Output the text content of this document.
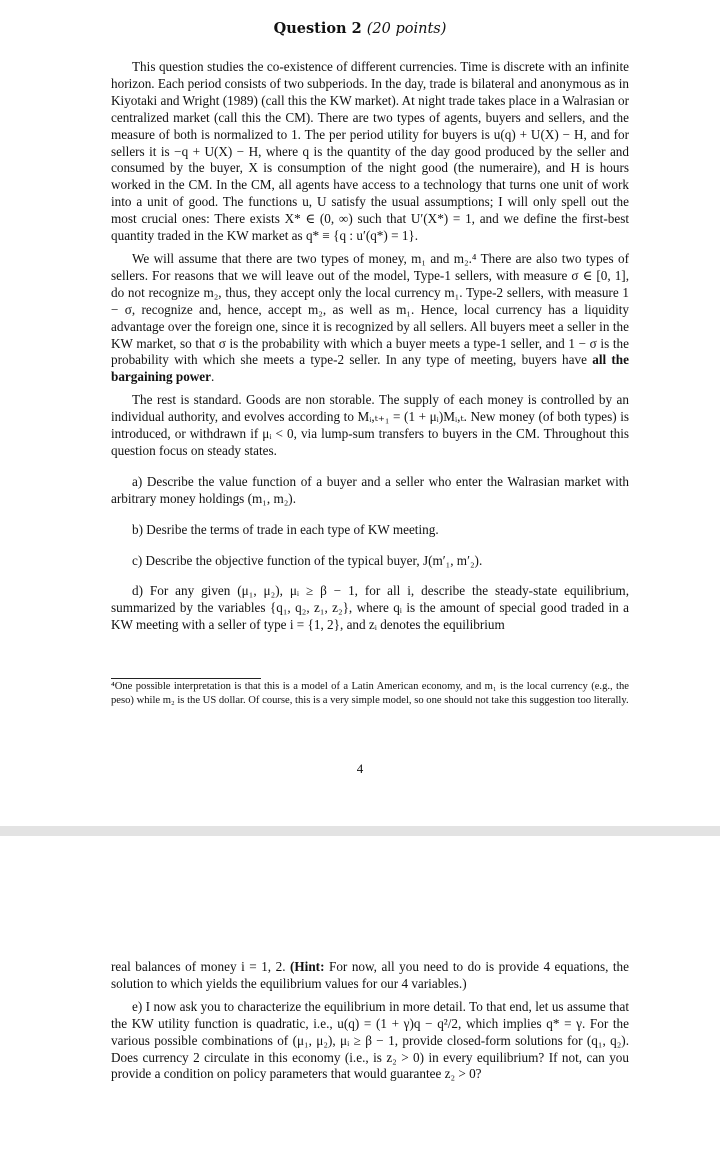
Question 2 (20 points)

This question studies the co-existence of different currencies. Time is discrete with an infinite horizon. Each period consists of two subperiods. In the day, trade is bilateral and anonymous as in Kiyotaki and Wright (1989) (call this the KW market). At night trade takes place in a Walrasian or centralized market (call this the CM). There are two types of agents, buyers and sellers, and the measure of both is normalized to 1. The per period utility for buyers is u(q) + U(X) − H, and for sellers it is −q + U(X) − H, where q is the quantity of the day good produced by the seller and consumed by the buyer, X is consumption of the night good (the numeraire), and H is hours worked in the CM. In the CM, all agents have access to a technology that turns one unit of work into a unit of good. The functions u, U satisfy the usual assumptions; I will only spell out the most crucial ones: There exists X* ∈ (0, ∞) such that U′(X*) = 1, and we define the first-best quantity traded in the KW market as q* ≡ {q : u′(q*) = 1}.

We will assume that there are two types of money, m₁ and m₂.⁴ There are also two types of sellers. For reasons that we will leave out of the model, Type-1 sellers, with measure σ ∈ [0, 1], do not recognize m₂, thus, they accept only the local currency m₁. Type-2 sellers, with measure 1 − σ, recognize and, hence, accept m₂, as well as m₁. Hence, local currency has a liquidity advantage over the foreign one, since it is recognized by all sellers. All buyers meet a seller in the KW market, so that σ is the probability with which a buyer meets a type-1 seller, and 1 − σ is the probability with which she meets a type-2 seller. In any type of meeting, buyers have all the bargaining power.

The rest is standard. Goods are non storable. The supply of each money is controlled by an individual authority, and evolves according to Mᵢ,ₜ₊₁ = (1 + μᵢ)Mᵢ,ₜ. New money (of both types) is introduced, or withdrawn if μᵢ < 0, via lump-sum transfers to buyers in the CM. Throughout this question focus on steady states.

a) Describe the value function of a buyer and a seller who enter the Walrasian market with arbitrary money holdings (m₁, m₂).

b) Desribe the terms of trade in each type of KW meeting.

c) Describe the objective function of the typical buyer, J(m′₁, m′₂).

d) For any given (μ₁, μ₂), μᵢ ≥ β − 1, for all i, describe the steady-state equilibrium, summarized by the variables {q₁, q₂, z₁, z₂}, where qᵢ is the amount of special good traded in a KW meeting with a seller of type i = {1, 2}, and zᵢ denotes the equilibrium

⁴One possible interpretation is that this is a model of a Latin American economy, and m₁ is the local currency (e.g., the peso) while m₂ is the US dollar. Of course, this is a very simple model, so one should not take this suggestion too literally.
4

real balances of money i = 1, 2. (Hint: For now, all you need to do is provide 4 equations, the solution to which yields the equilibrium values for our 4 variables.)

e) I now ask you to characterize the equilibrium in more detail. To that end, let us assume that the KW utility function is quadratic, i.e., u(q) = (1 + γ)q − q²/2, which implies q* = γ. For the various possible combinations of (μ₁, μ₂), μᵢ ≥ β − 1, provide closed-form solutions for (q₁, q₂). Does currency 2 circulate in this economy (i.e., is z₂ > 0) in every equilibrium? If not, can you provide a condition on policy parameters that would guarantee z₂ > 0?
